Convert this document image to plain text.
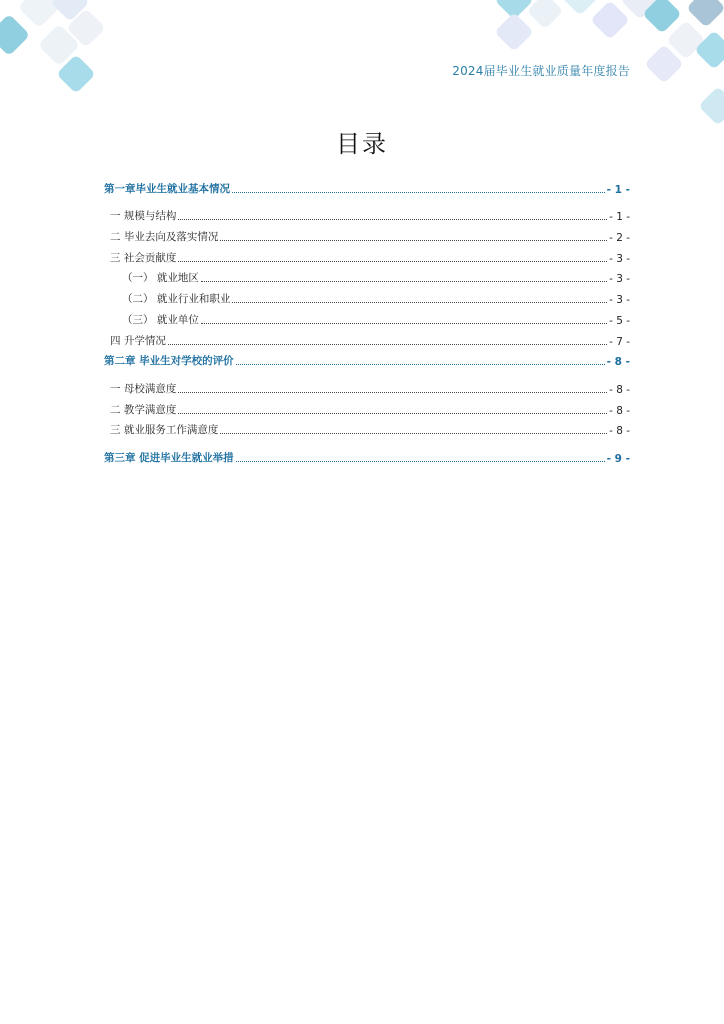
2024届毕业生就业质量年度报告
目录
第一章毕业生就业基本情况	- 1 -
一 规模与结构	- 1 -
二 毕业去向及落实情况	- 2 -
三 社会贡献度	- 3 -
（一） 就业地区	- 3 -
（二） 就业行业和职业	- 3 -
（三） 就业单位	- 5 -
四 升学情况	- 7 -
第二章 毕业生对学校的评价	- 8 -
一 母校满意度	- 8 -
二 教学满意度	- 8 -
三 就业服务工作满意度	- 8 -
第三章 促进毕业生就业举措	- 9 -
